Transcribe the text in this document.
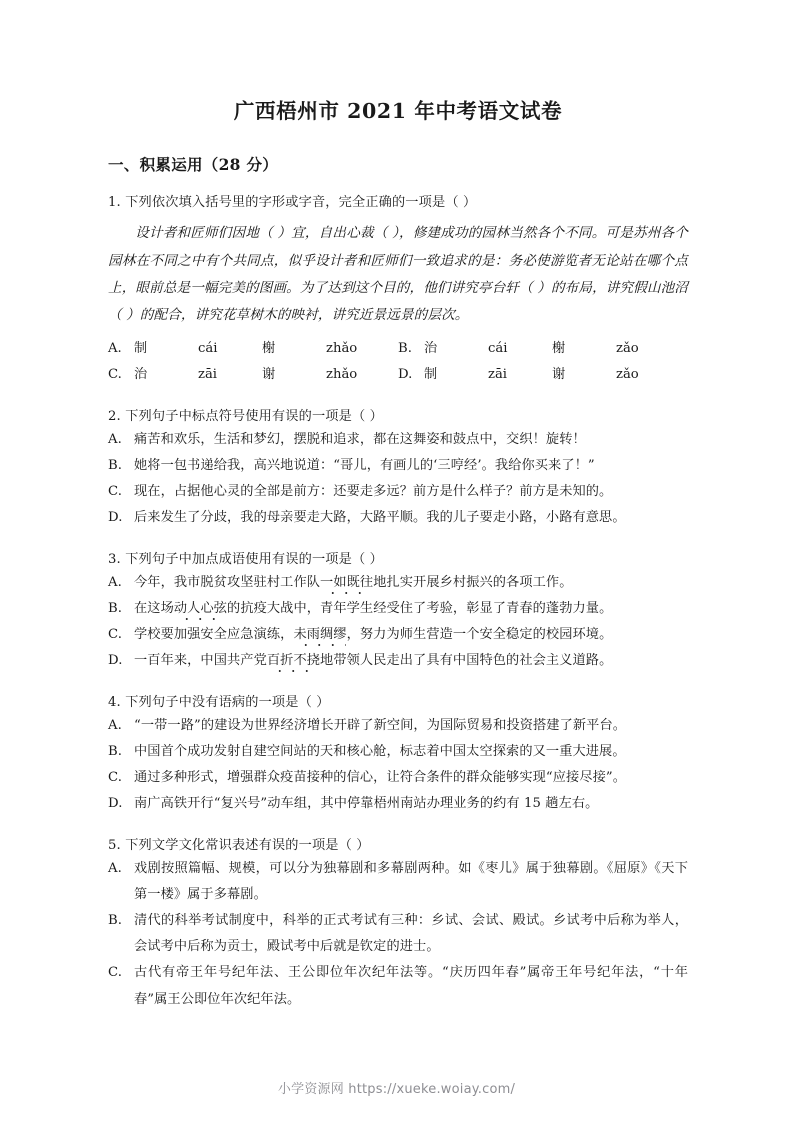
广西梧州市 2021 年中考语文试卷
一、积累运用（28 分）

1. 下列依次填入括号里的字形或字音，完全正确的一项是（ ）

设计者和匠师们因地（ ）宜，自出心裁（ ），修建成功的园林当然各个不同。可是苏州各个园林在不同之中有个共同点，似乎设计者和匠师们一致追求的是：务必使游览者无论站在哪个点上，眼前总是一幅完美的图画。为了达到这个目的，他们讲究亭台轩（ ）的布局，讲究假山池沼（ ）的配合，讲究花草树木的映衬，讲究近景远景的层次。

A. 制	cái	榭	zhǎo	B. 治	cái	榭	zǎo
C. 治	zāi	谢	zhǎo	D. 制	zāi	谢	zǎo

2. 下列句子中标点符号使用有误的一项是（ ）

A. 痛苦和欢乐，生活和梦幻，摆脱和追求，都在这舞姿和鼓点中，交织！旋转！
B. 她将一包书递给我，高兴地说道：“哥儿，有画儿的‘三哼经’。我给你买来了！”
C. 现在，占据他心灵的全部是前方：还要走多远？前方是什么样子？前方是未知的。
D. 后来发生了分歧，我的母亲要走大路，大路平顺。我的儿子要走小路，小路有意思。

3. 下列句子中加点成语使用有误的一项是（ ）

A. 今年，我市脱贫攻坚驻村工作队一如既往地扎实开展乡村振兴的各项工作。
B. 在这场动人心弦的抗疫大战中，青年学生经受住了考验，彰显了青春的蓬勃力量。
C. 学校要加强安全应急演练，未雨绸缪，努力为师生营造一个安全稳定的校园环境。
D. 一百年来，中国共产党百折不挠地带领人民走出了具有中国特色的社会主义道路。

4. 下列句子中没有语病的一项是（ ）

A. “一带一路”的建设为世界经济增长开辟了新空间，为国际贸易和投资搭建了新平台。
B. 中国首个成功发射自建空间站的天和核心舱，标志着中国太空探索的又一重大进展。
C. 通过多种形式，增强群众疫苗接种的信心，让符合条件的群众能够实现“应接尽接”。
D. 南广高铁开行“复兴号”动车组，其中停靠梧州南站办理业务的约有 15 趟左右。

5. 下列文学文化常识表述有误的一项是（ ）

A. 戏剧按照篇幅、规模，可以分为独幕剧和多幕剧两种。如《枣儿》属于独幕剧。《屈原》《天下第一楼》属于多幕剧。
B. 清代的科举考试制度中，科举的正式考试有三种：乡试、会试、殿试。乡试考中后称为举人，会试考中后称为贡士，殿试考中后就是钦定的进士。
C. 古代有帝王年号纪年法、王公即位年次纪年法等。“庆历四年春”属帝王年号纪年法，“十年春”属王公即位年次纪年法。
小学资源网 https://xueke.woiay.com/
